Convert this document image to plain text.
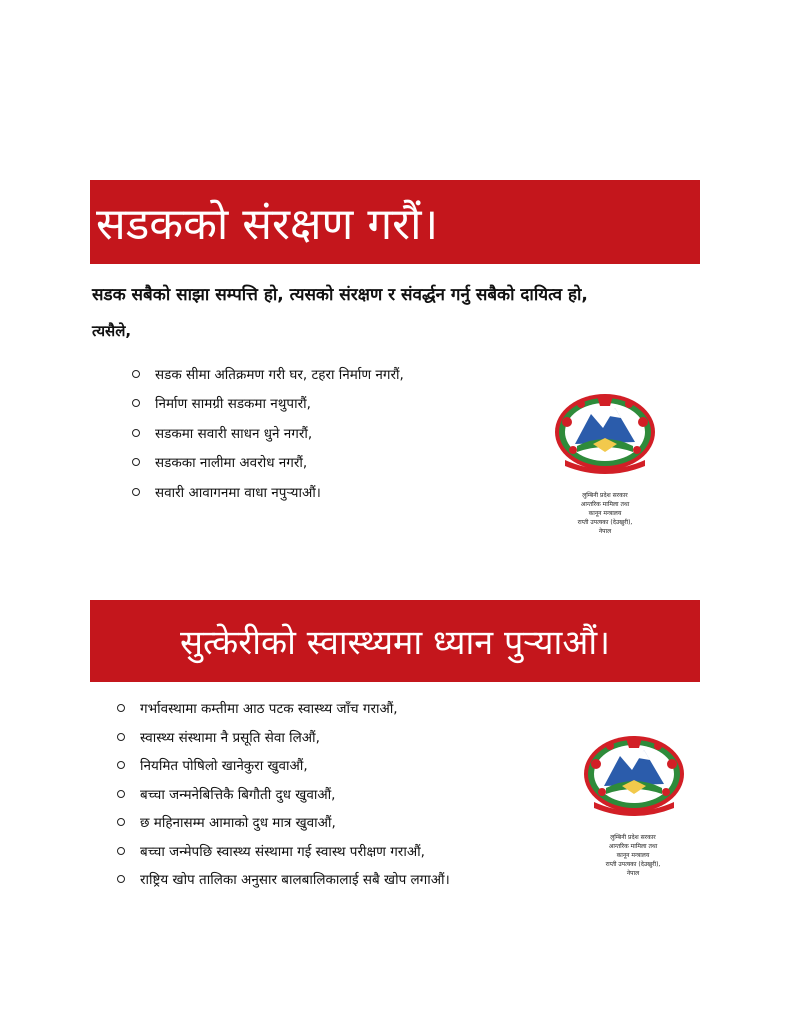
सडकको संरक्षण गरौं।
सडक सबैको साझा सम्पत्ति हो, त्यसको संरक्षण र संवर्द्धन गर्नु सबैको दायित्व हो,
त्यसैले,
सडक सीमा अतिक्रमण गरी घर, टहरा निर्माण नगरौं,
निर्माण सामग्री सडकमा नथुपारौं,
सडकमा सवारी साधन धुने नगरौं,
सडकका नालीमा अवरोध नगरौं,
सवारी आवागनमा वाधा नपुऱ्याऔं।	लुम्बिनी प्रदेश सरकार
आन्तरिक मामिला तथा
कानून मन्त्रालय
राप्ती उपत्यका (देउखुरी),
नेपाल
सुत्केरीको स्वास्थ्यमा ध्यान पुऱ्याऔं।
गर्भावस्थामा कम्तीमा आठ पटक स्वास्थ्य जाँच गराऔं,
स्वास्थ्य संस्थामा नै प्रसूति सेवा लिऔं,
नियमित पोषिलो खानेकुरा खुवाऔं,
बच्चा जन्मनेबित्तिकै बिगौती दुध खुवाऔं,
छ महिनासम्म आमाको दुध मात्र खुवाऔं,
बच्चा जन्मेपछि स्वास्थ्य संस्थामा गई स्वास्थ परीक्षण गराऔं,
राष्ट्रिय खोप तालिका अनुसार बालबालिकालाई सबै खोप लगाऔं।
लुम्बिनी प्रदेश सरकार
आन्तरिक मामिला तथा
कानून मन्त्रालय
राप्ती उपत्यका (देउखुरी),
नेपाल
